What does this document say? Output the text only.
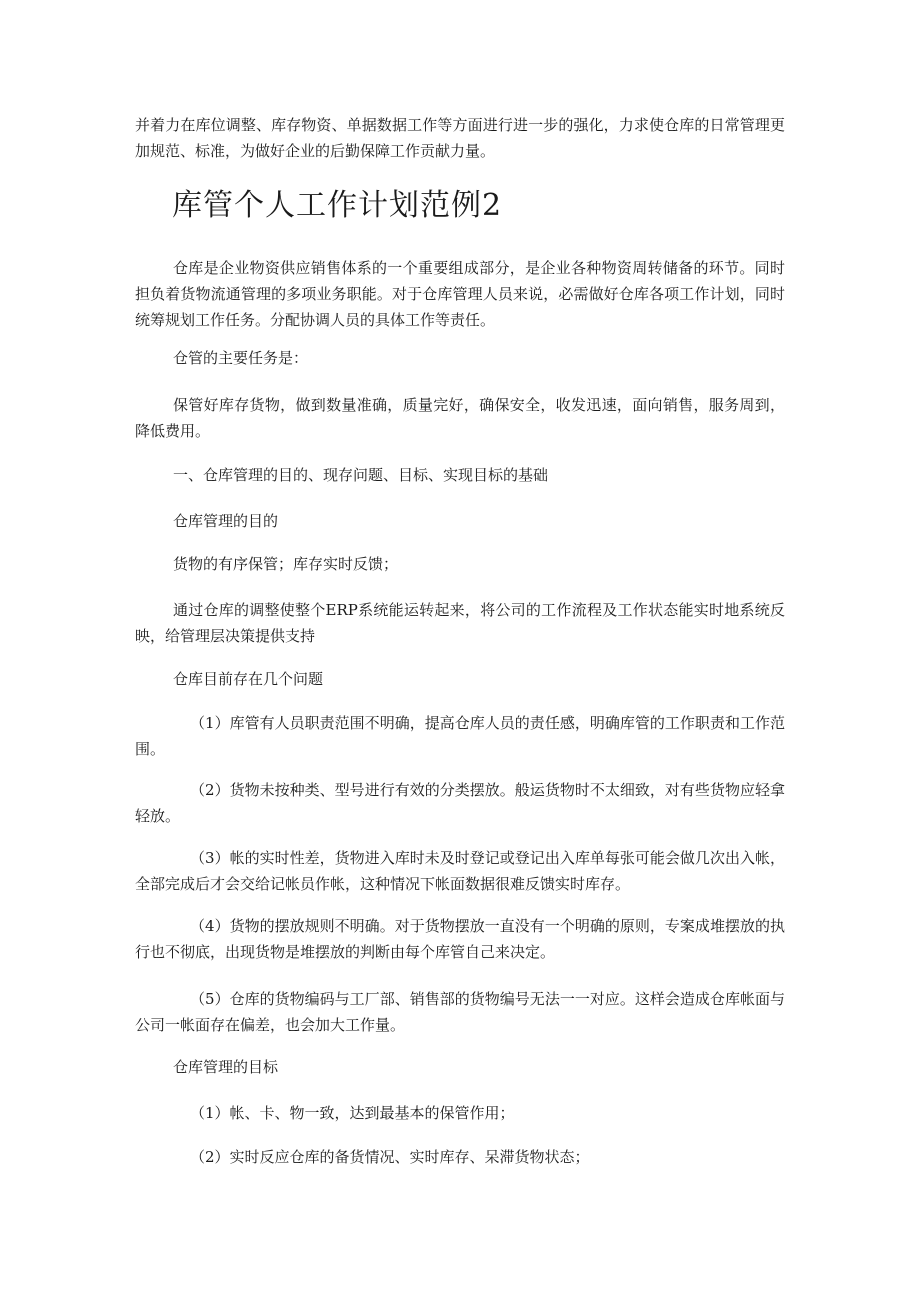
并着力在库位调整、库存物资、单据数据工作等方面进行进一步的强化，力求使仓库的日常管理更加规范、标准，为做好企业的后勤保障工作贡献力量。

库管个人工作计划范例2

仓库是企业物资供应销售体系的一个重要组成部分，是企业各种物资周转储备的环节。同时担负着货物流通管理的多项业务职能。对于仓库管理人员来说，必需做好仓库各项工作计划，同时统筹规划工作任务。分配协调人员的具体工作等责任。

仓管的主要任务是：

保管好库存货物，做到数量准确，质量完好，确保安全，收发迅速，面向销售，服务周到，降低费用。

一、仓库管理的目的、现存问题、目标、实现目标的基础

仓库管理的目的

货物的有序保管；库存实时反馈；

通过仓库的调整使整个ERP系统能运转起来，将公司的工作流程及工作状态能实时地系统反映，给管理层决策提供支持

仓库目前存在几个问题

（1）库管有人员职责范围不明确，提高仓库人员的责任感，明确库管的工作职责和工作范围。

（2）货物未按种类、型号进行有效的分类摆放。般运货物时不太细致，对有些货物应轻拿轻放。

（3）帐的实时性差，货物进入库时未及时登记或登记出入库单每张可能会做几次出入帐，全部完成后才会交给记帐员作帐，这种情况下帐面数据很难反馈实时库存。

（4）货物的摆放规则不明确。对于货物摆放一直没有一个明确的原则，专案成堆摆放的执行也不彻底，出现货物是堆摆放的判断由每个库管自己来决定。

（5）仓库的货物编码与工厂部、销售部的货物编号无法一一对应。这样会造成仓库帐面与公司一帐面存在偏差，也会加大工作量。

仓库管理的目标

（1）帐、卡、物一致，达到最基本的保管作用；

（2）实时反应仓库的备货情况、实时库存、呆滞货物状态；
